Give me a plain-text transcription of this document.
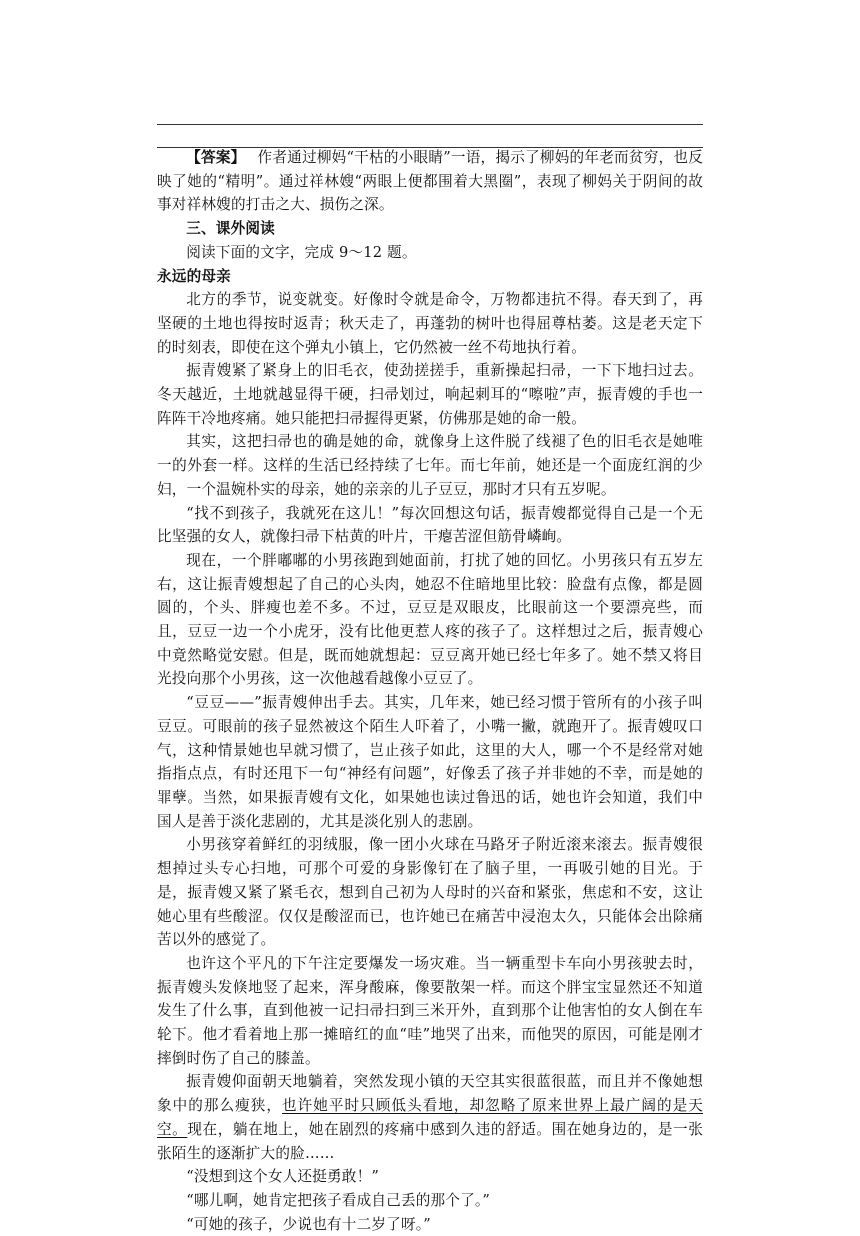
【答案】 作者通过柳妈“干枯的小眼睛”一语，揭示了柳妈的年老而贫穷，也反映了她的“精明”。通过祥林嫂“两眼上便都围着大黑圈”，表现了柳妈关于阴间的故事对祥林嫂的打击之大、损伤之深。

三、课外阅读

阅读下面的文字，完成 9～12 题。

永远的母亲

北方的季节，说变就变。好像时令就是命令，万物都违抗不得。春天到了，再坚硬的土地也得按时返青；秋天走了，再蓬勃的树叶也得屈尊枯萎。这是老天定下的时刻表，即使在这个弹丸小镇上，它仍然被一丝不苟地执行着。

振青嫂紧了紧身上的旧毛衣，使劲搓搓手，重新操起扫帚，一下下地扫过去。冬天越近，土地就越显得干硬，扫帚划过，响起刺耳的“嚓啦”声，振青嫂的手也一阵阵干冷地疼痛。她只能把扫帚握得更紧，仿佛那是她的命一般。

其实，这把扫帚也的确是她的命，就像身上这件脱了线褪了色的旧毛衣是她唯一的外套一样。这样的生活已经持续了七年。而七年前，她还是一个面庞红润的少妇，一个温婉朴实的母亲，她的亲亲的儿子豆豆，那时才只有五岁呢。

“找不到孩子，我就死在这儿！”每次回想这句话，振青嫂都觉得自己是一个无比坚强的女人，就像扫帚下枯黄的叶片，干瘪苦涩但筋骨嶙峋。

现在，一个胖嘟嘟的小男孩跑到她面前，打扰了她的回忆。小男孩只有五岁左右，这让振青嫂想起了自己的心头肉，她忍不住暗地里比较：脸盘有点像，都是圆圆的，个头、胖瘦也差不多。不过，豆豆是双眼皮，比眼前这一个要漂亮些，而且，豆豆一边一个小虎牙，没有比他更惹人疼的孩子了。这样想过之后，振青嫂心中竟然略觉安慰。但是，既而她就想起：豆豆离开她已经七年多了。她不禁又将目光投向那个小男孩，这一次他越看越像小豆豆了。

“豆豆——”振青嫂伸出手去。其实，几年来，她已经习惯于管所有的小孩子叫豆豆。可眼前的孩子显然被这个陌生人吓着了，小嘴一撇，就跑开了。振青嫂叹口气，这种情景她也早就习惯了，岂止孩子如此，这里的大人，哪一个不是经常对她指指点点，有时还甩下一句“神经有问题”，好像丢了孩子并非她的不幸，而是她的罪孽。当然，如果振青嫂有文化，如果她也读过鲁迅的话，她也许会知道，我们中国人是善于淡化悲剧的，尤其是淡化别人的悲剧。

小男孩穿着鲜红的羽绒服，像一团小火球在马路牙子附近滚来滚去。振青嫂很想掉过头专心扫地，可那个可爱的身影像钉在了脑子里，一再吸引她的目光。于是，振青嫂又紧了紧毛衣，想到自己初为人母时的兴奋和紧张，焦虑和不安，这让她心里有些酸涩。仅仅是酸涩而已，也许她已在痛苦中浸泡太久，只能体会出除痛苦以外的感觉了。

也许这个平凡的下午注定要爆发一场灾难。当一辆重型卡车向小男孩驶去时，振青嫂头发倏地竖了起来，浑身酸麻，像要散架一样。而这个胖宝宝显然还不知道发生了什么事，直到他被一记扫帚扫到三米开外，直到那个让他害怕的女人倒在车轮下。他才看着地上那一摊暗红的血“哇”地哭了出来，而他哭的原因，可能是刚才摔倒时伤了自己的膝盖。

振青嫂仰面朝天地躺着，突然发现小镇的天空其实很蓝很蓝，而且并不像她想象中的那么瘦狭，也许她平时只顾低头看地，却忽略了原来世界上最广阔的是天空。现在，躺在地上，她在剧烈的疼痛中感到久违的舒适。围在她身边的，是一张张陌生的逐渐扩大的脸……

“没想到这个女人还挺勇敢！”

“哪儿啊，她肯定把孩子看成自己丢的那个了。”

“可她的孩子，少说也有十二岁了呀。”
